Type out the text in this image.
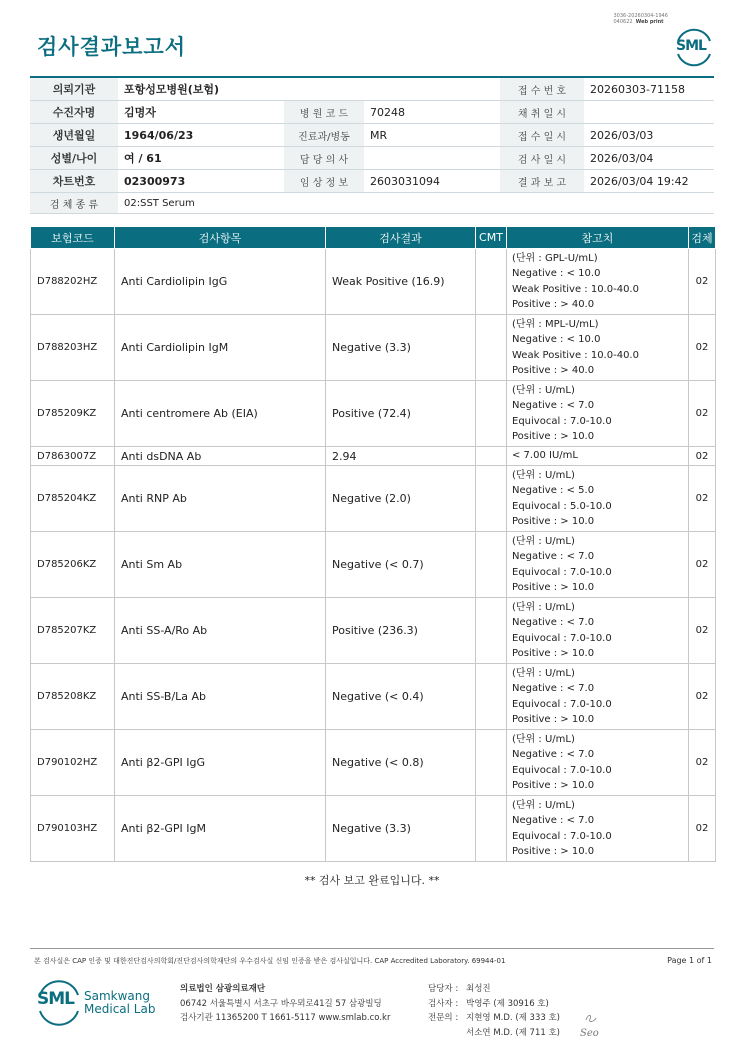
3036-20260304-1946
040622 Web print
검사결과보고서	SML
의뢰기관	포항성모병원(보험)			접 수 번 호	20260303-71158
수진자명	김명자	병 원 코 드	70248	채 취 일 시	
생년월일	1964/06/23	진료과/병동	MR	접 수 일 시	2026/03/03
성별/나이	여 / 61	담 당 의 사		검 사 일 시	2026/03/04
차트번호	02300973	임 상 정 보	2603031094	결 과 보 고	2026/03/04 19:42
검 체 종 류	02:SST Serum				
보험코드	검사항목	검사결과	CMT	참고치	검체
D788202HZ	Anti Cardiolipin IgG	Weak Positive (16.9)		(단위 : GPL-U/mL)
Negative : < 10.0
Weak Positive : 10.0-40.0
Positive : > 40.0	02
D788203HZ	Anti Cardiolipin IgM	Negative (3.3)		(단위 : MPL-U/mL)
Negative : < 10.0
Weak Positive : 10.0-40.0
Positive : > 40.0	02
D785209KZ	Anti centromere Ab (EIA)	Positive (72.4)		(단위 : U/mL)
Negative : < 7.0
Equivocal : 7.0-10.0
Positive : > 10.0	02
D7863007Z	Anti dsDNA Ab	2.94		< 7.00 IU/mL	02
D785204KZ	Anti RNP Ab	Negative (2.0)		(단위 : U/mL)
Negative : < 5.0
Equivocal : 5.0-10.0
Positive : > 10.0	02
D785206KZ	Anti Sm Ab	Negative (< 0.7)		(단위 : U/mL)
Negative : < 7.0
Equivocal : 7.0-10.0
Positive : > 10.0	02
D785207KZ	Anti SS-A/Ro Ab	Positive (236.3)		(단위 : U/mL)
Negative : < 7.0
Equivocal : 7.0-10.0
Positive : > 10.0	02
D785208KZ	Anti SS-B/La Ab	Negative (< 0.4)		(단위 : U/mL)
Negative : < 7.0
Equivocal : 7.0-10.0
Positive : > 10.0	02
D790102HZ	Anti β2-GPI IgG	Negative (< 0.8)		(단위 : U/mL)
Negative : < 7.0
Equivocal : 7.0-10.0
Positive : > 10.0	02
D790103HZ	Anti β2-GPI IgM	Negative (3.3)		(단위 : U/mL)
Negative : < 7.0
Equivocal : 7.0-10.0
Positive : > 10.0	02
** 검사 보고 완료입니다. **
본 검사실은 CAP 인증 및 대한진단검사의학회/진단검사의학재단의 우수검사실 신임 인증을 받은 검사실입니다. CAP Accredited Laboratory. 69944-01	Page 1 of 1
SML Samkwang
Medical Lab
의료법인 삼광의료재단
06742 서울특별시 서초구 바우뫼로41길 57 삼광빌딩
검사기관 11365200 T 1661-5117 www.smlab.co.kr
담당자 : 최성진
검사자 : 박영주 (제 30916 호)
전문의 : 지현영 M.D. (제 333 호)
서소연 M.D. (제 711 호) Seo
